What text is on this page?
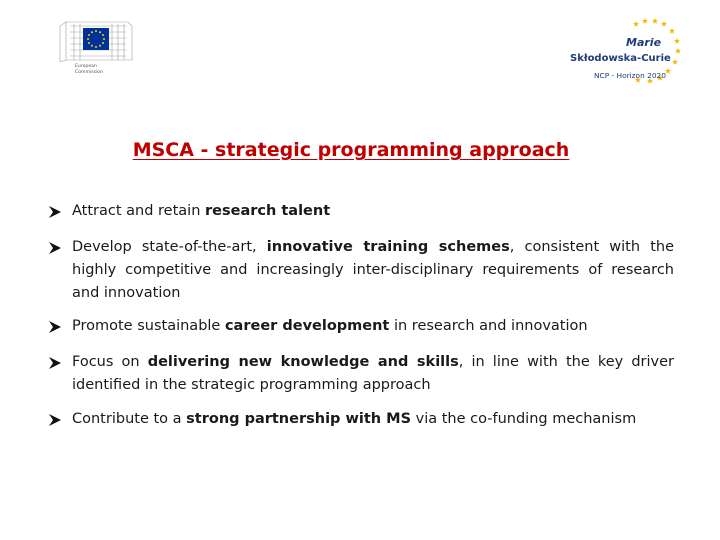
European
Commission
Marie
Skłodowska-Curie
NCP - Horizon 2020
MSCA - strategic programming approach
Attract and retain research talent
Develop state-of-the-art, innovative training schemes, consistent with the highly competitive and increasingly inter-disciplinary requirements of research and innovation
Promote sustainable career development in research and innovation
Focus on delivering new knowledge and skills, in line with the key driver identified in the strategic programming approach
Contribute to a strong partnership with MS via the co-funding mechanism
